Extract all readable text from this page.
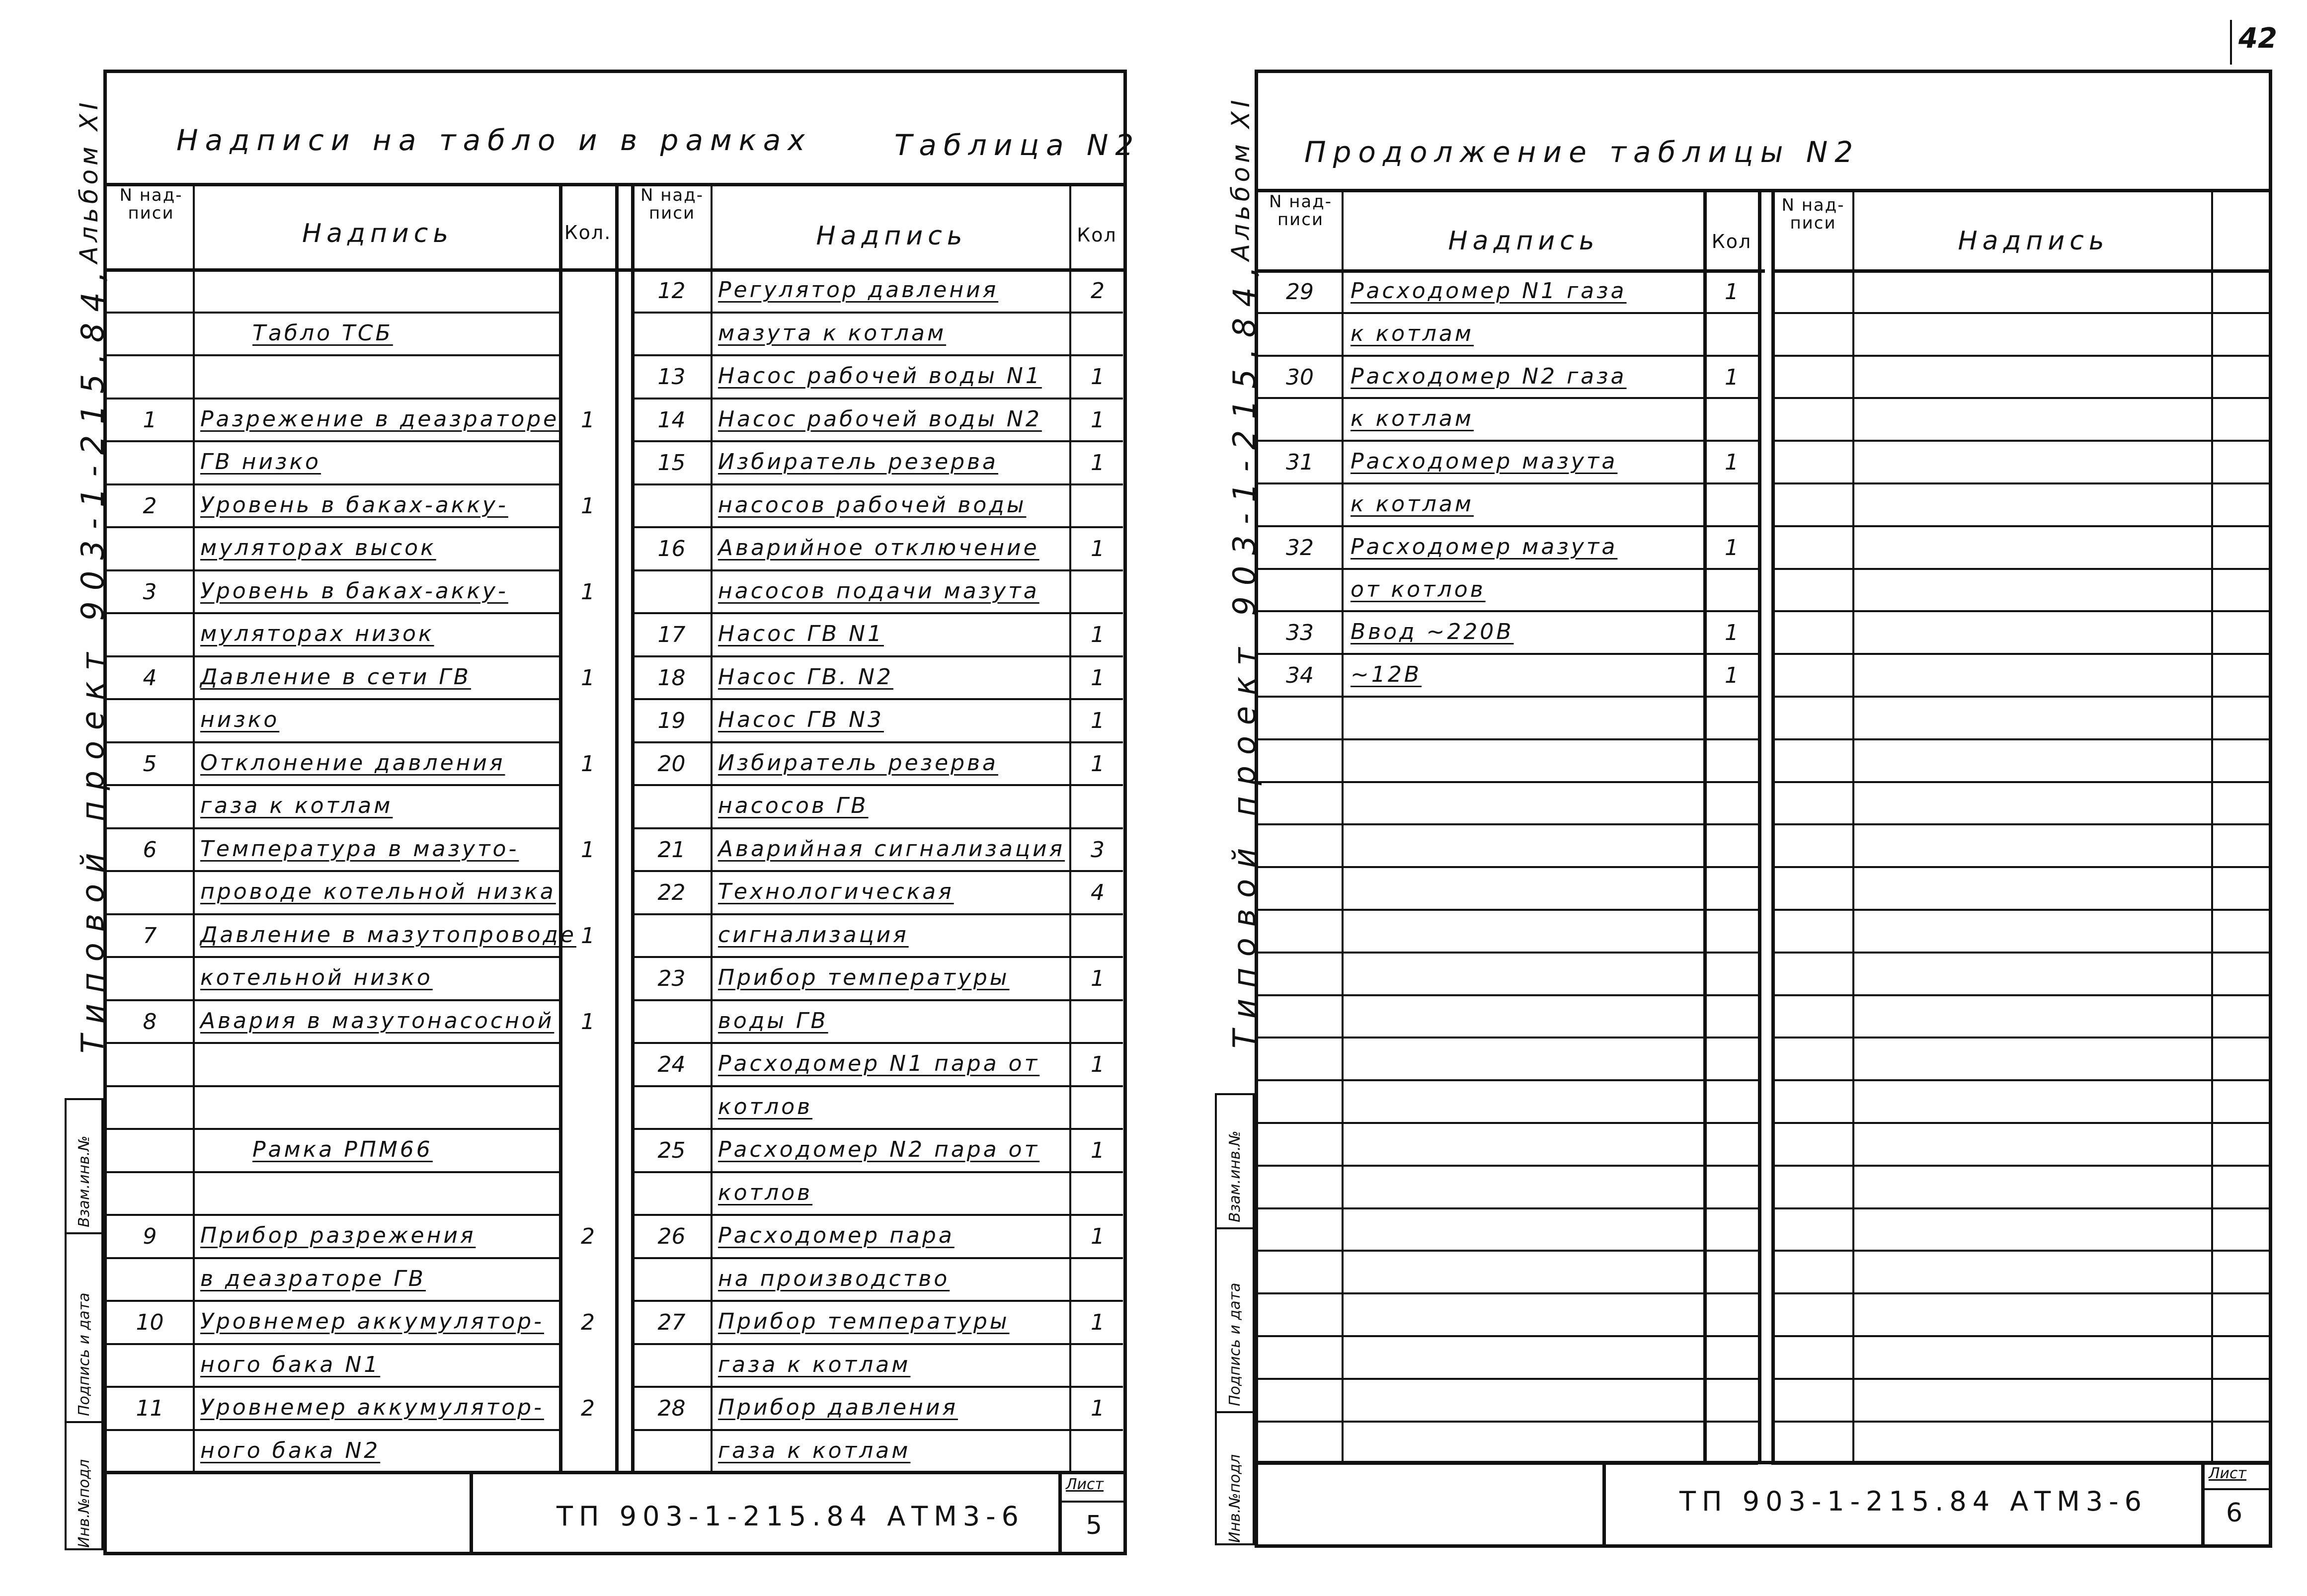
42
Альбом XI
Типовой проект 903-1-215.84,
Взам.инв.№
Подпись и дата
Инв.№подл
Надписи на табло и в рамках	Таблица N2
N над-писи
Надпись	Кол.
N над-писи
Надпись	Кол
Табло ТСБ
1	Разрежение в деазраторе 1
ГВ низко
2	Уровень в баках-акку-	1
муляторах высок
3	Уровень в баках-акку-	1
муляторах низок
4	Давление в сети ГВ	1
низко
5	Отклонение давления	1
газа к котлам
6	Температура в мазуто-	1
проводе котельной низка
7	Давление в мазутопроводе 1
котельной низко
8	Авария в мазутонасосной	1
Рамка РПМ66
9	Прибор разрежения	2
в деазраторе ГВ
10	Уровнемер аккумулятор-	2
ного бака N1
11	Уровнемер аккумулятор-	2
ного бака N2
12	Регулятор давления	2
мазута к котлам
13	Насос рабочей воды N1	1
14	Насос рабочей воды N2	1
15	Избиратель резерва	1
насосов рабочей воды
16	Аварийное отключение	1
насосов подачи мазута
17	Насос ГВ N1	1
18	Насос ГВ. N2	1
19	Насос ГВ N3	1
20	Избиратель резерва	1
насосов ГВ
21	Аварийная сигнализация	3
22	Технологическая	4
сигнализация
23	Прибор температуры	1
воды ГВ
24	Расходомер N1 пара от	1
котлов
25	Расходомер N2 пара от	1
котлов
26	Расходомер пара	1
на производство
27	Прибор температуры	1
газа к котлам
28	Прибор давления	1
газа к котлам
ТП 903-1-215.84 АТМ3-6
Лист
5
Альбом XI
Типовой проект 903-1-215.84,
Взам.инв.№
Подпись и дата
Инв.№подл
Продолжение таблицы N2
N над-писи
Надпись	Кол
N над-писи
Надпись
29	Расходомер N1 газа	1
к котлам
30	Расходомер N2 газа	1
к котлам
31	Расходомер мазута	1
к котлам
32	Расходомер мазута	1
от котлов
33	Ввод ~220В	1
34	~12В	1
ТП 903-1-215.84 АТМ3-6
Лист
6
